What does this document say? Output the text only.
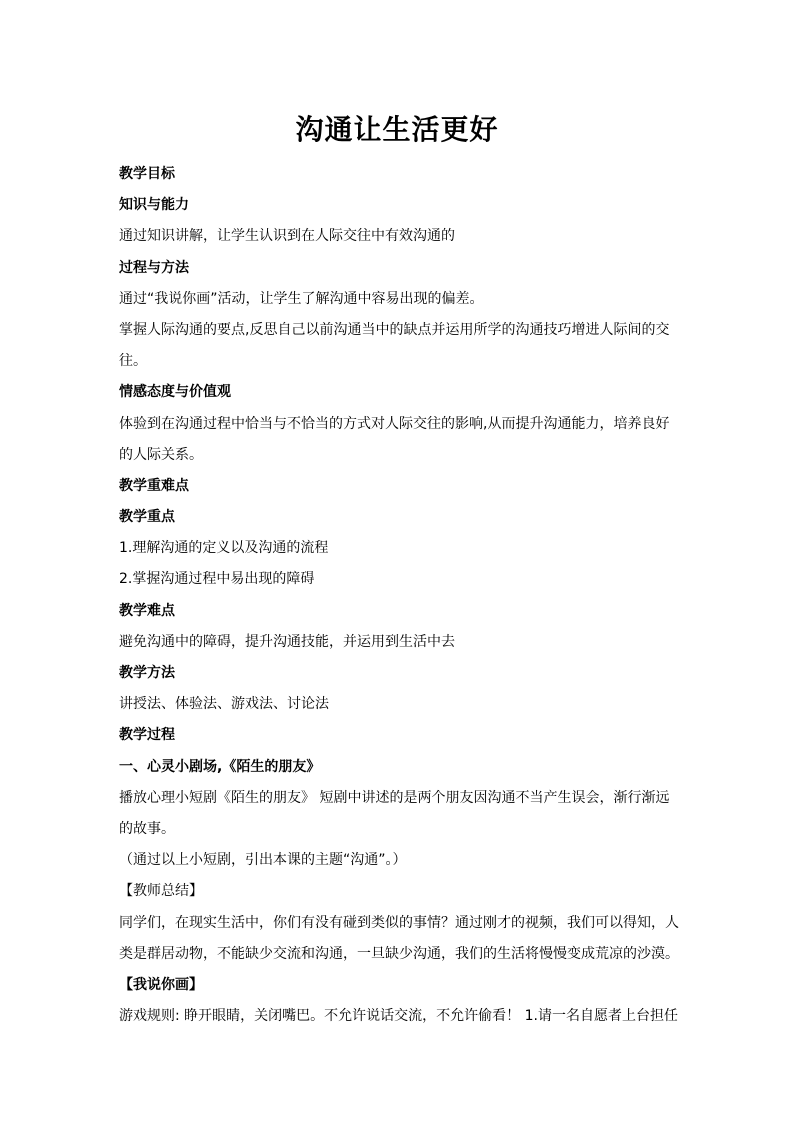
沟通让生活更好
教学目标
知识与能力
通过知识讲解，让学生认识到在人际交往中有效沟通的
过程与方法
通过“我说你画”活动，让学生了解沟通中容易出现的偏差。
掌握人际沟通的要点,反思自己以前沟通当中的缺点并运用所学的沟通技巧增进人际间的交
往。
情感态度与价值观
体验到在沟通过程中恰当与不恰当的方式对人际交往的影响,从而提升沟通能力，培养良好
的人际关系。
教学重难点
教学重点
1.理解沟通的定义以及沟通的流程
2.掌握沟通过程中易出现的障碍
教学难点
避免沟通中的障碍，提升沟通技能，并运用到生活中去
教学方法
讲授法、体验法、游戏法、讨论法
教学过程
一、心灵小剧场,《陌生的朋友》
播放心理小短剧《陌生的朋友》 短剧中讲述的是两个朋友因沟通不当产生误会，渐行渐远
的故事。
（通过以上小短剧，引出本课的主题“沟通”。）
【教师总结】
同学们，在现实生活中，你们有没有碰到类似的事情？通过刚才的视频，我们可以得知，人
类是群居动物，不能缺少交流和沟通，一旦缺少沟通，我们的生活将慢慢变成荒凉的沙漠。
【我说你画】
游戏规则: 睁开眼睛，关闭嘴巴。不允许说话交流，不允许偷看！ 1.请一名自愿者上台担任
